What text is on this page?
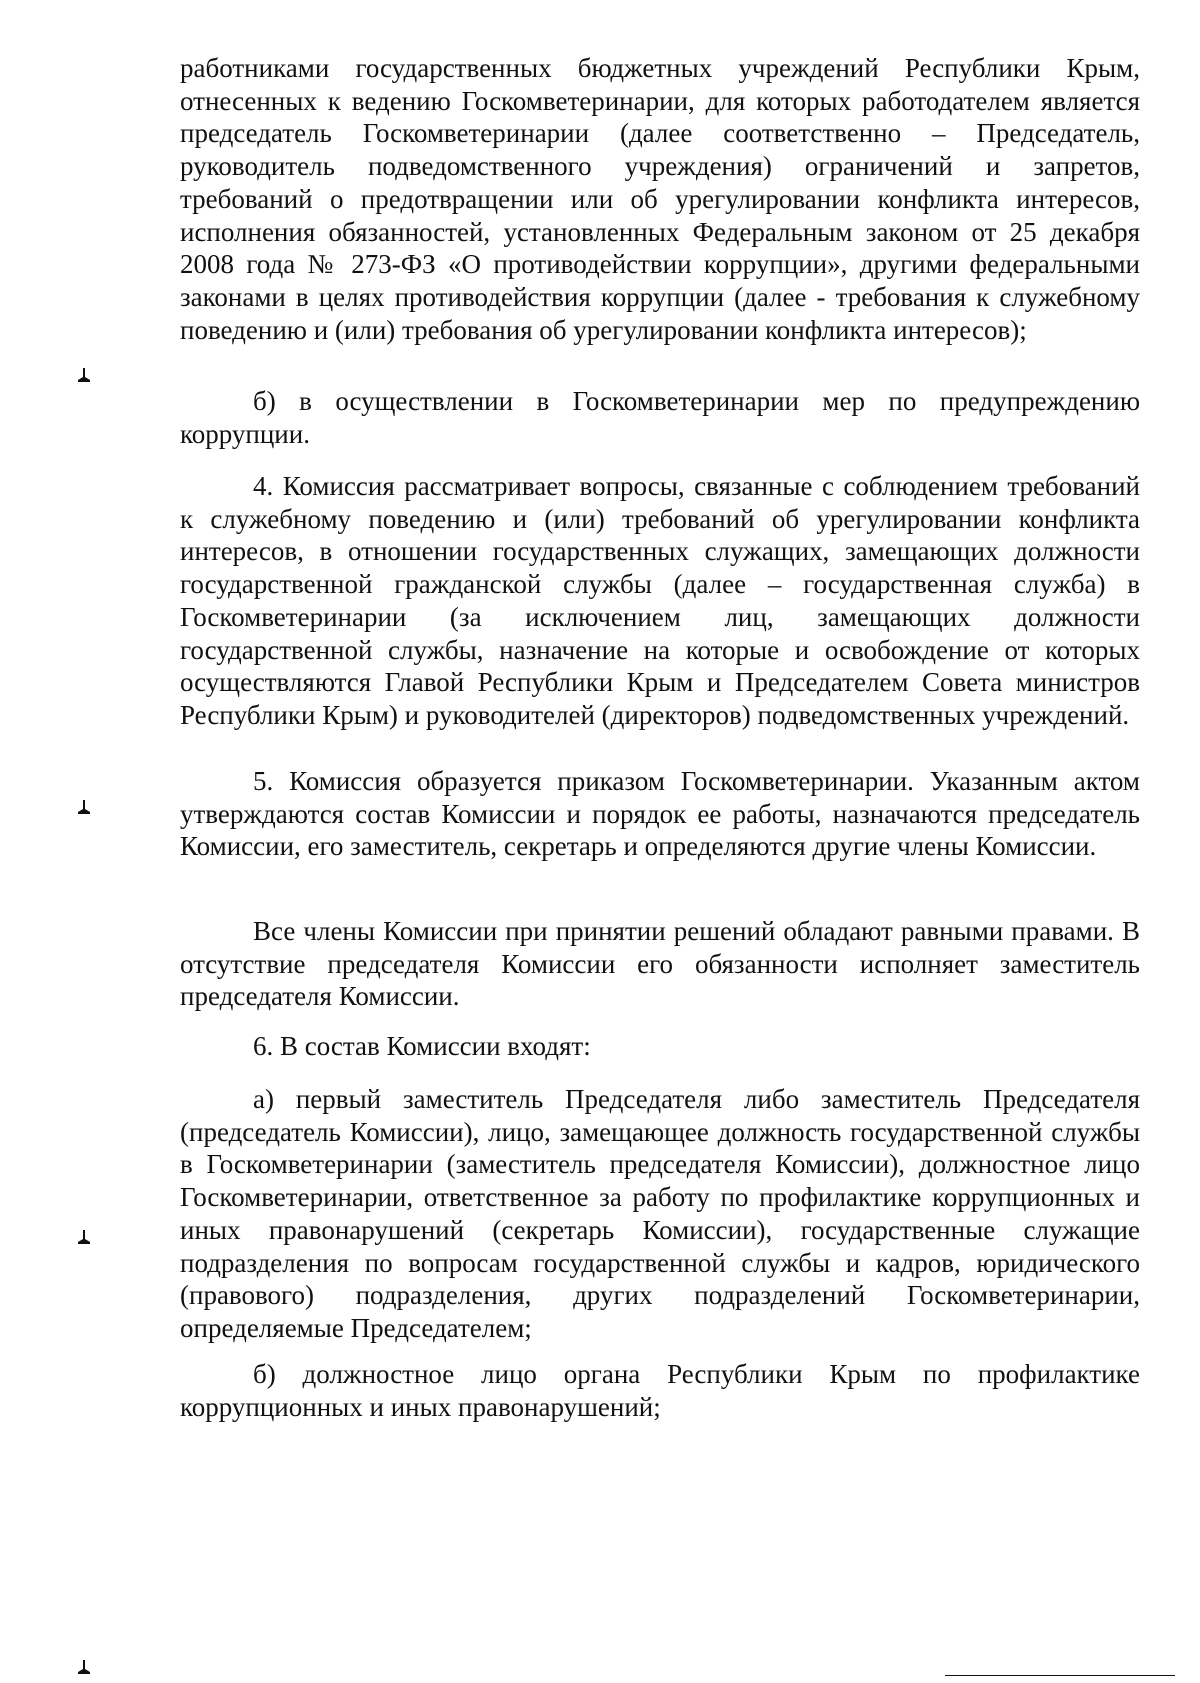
работниками государственных бюджетных учреждений Республики Крым, отнесенных к ведению Госкомветеринарии, для которых работодателем является председатель Госкомветеринарии (далее соответственно – Председатель, руководитель подведомственного учреждения) ограничений и запретов, требований о предотвращении или об урегулировании конфликта интересов, исполнения обязанностей, установленных Федеральным законом от 25 декабря 2008 года № 273-ФЗ «О противодействии коррупции», другими федеральными законами в целях противодействия коррупции (далее - требования к служебному поведению и (или) требования об урегулировании конфликта интересов);

б) в осуществлении в Госкомветеринарии мер по предупреждению коррупции.

4. Комиссия рассматривает вопросы, связанные с соблюдением требований к служебному поведению и (или) требований об урегулировании конфликта интересов, в отношении государственных служащих, замещающих должности государственной гражданской службы (далее – государственная служба) в Госкомветеринарии (за исключением лиц, замещающих должности государственной службы, назначение на которые и освобождение от которых осуществляются Главой Республики Крым и Председателем Совета министров Республики Крым) и руководителей (директоров) подведомственных учреждений.

5. Комиссия образуется приказом Госкомветеринарии. Указанным актом утверждаются состав Комиссии и порядок ее работы, назначаются председатель Комиссии, его заместитель, секретарь и определяются другие члены Комиссии.

Все члены Комиссии при принятии решений обладают равными правами. В отсутствие председателя Комиссии его обязанности исполняет заместитель председателя Комиссии.

6. В состав Комиссии входят:

а) первый заместитель Председателя либо заместитель Председателя (председатель Комиссии), лицо, замещающее должность государственной службы в Госкомветеринарии (заместитель председателя Комиссии), должностное лицо Госкомветеринарии, ответственное за работу по профилактике коррупционных и иных правонарушений (секретарь Комиссии), государственные служащие подразделения по вопросам государственной службы и кадров, юридического (правового) подразделения, других подразделений Госкомветеринарии, определяемые Председателем;

б) должностное лицо органа Республики Крым по профилактике коррупционных и иных правонарушений;
